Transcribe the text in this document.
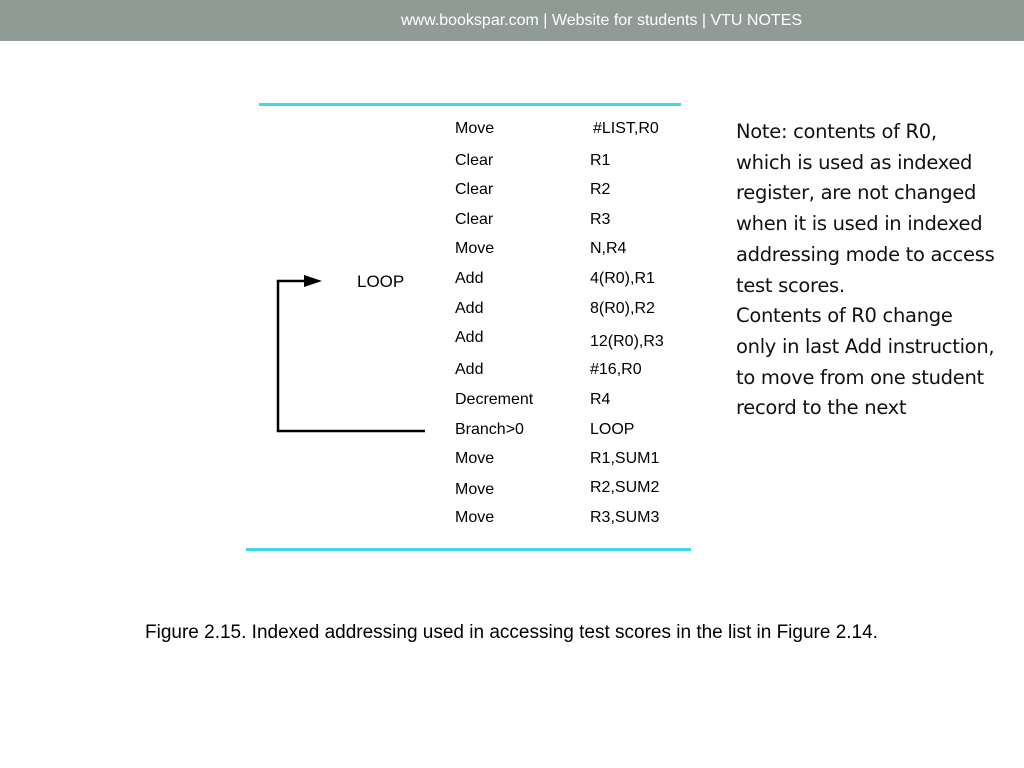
www.bookspar.com | Website for students | VTU NOTES
LOOP
Move	#LIST,R0
Clear	R1
Clear	R2
Clear	R3
Move	N,R4
Add	4(R0),R1
Add	8(R0),R2
Add	12(R0),R3
Add	#16,R0
Decrement	R4
Branch>0	LOOP
Move	R1,SUM1
Move	R2,SUM2
Move	R3,SUM3

Note: contents of R0, which is used as indexed register, are not changed when it is used in indexed addressing mode to access test scores.

Contents of R0 change only in last Add instruction, to move from one student record to the next

Figure 2.15. Indexed addressing used in accessing test scores in the list in Figure 2.14.
